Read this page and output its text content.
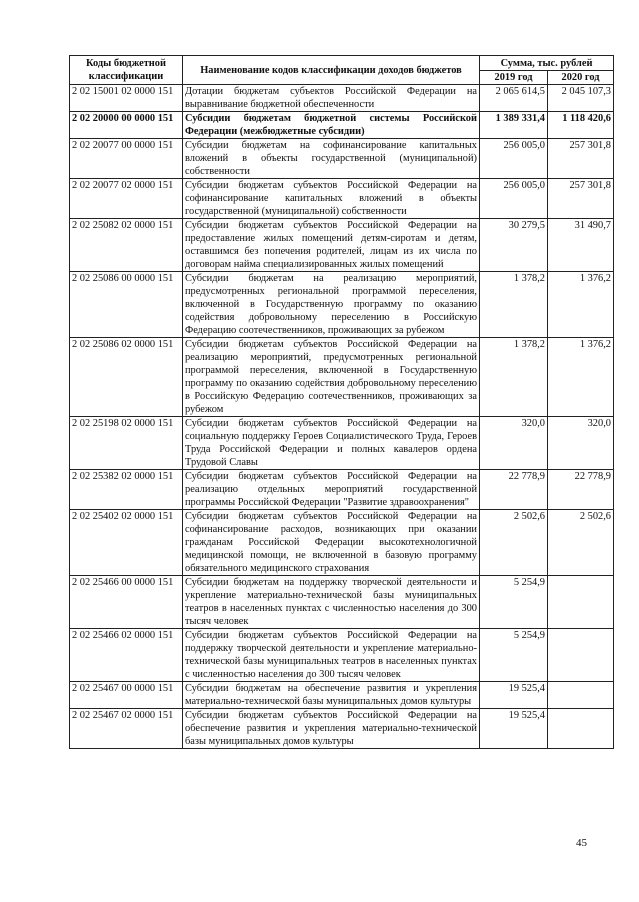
Коды бюджетной классификации	Наименование кодов классификации доходов бюджетов	Сумма, тыс. рублей	
		2019 год	2020 год
2 02 15001 02 0000 151	Дотации бюджетам субъектов Российской Федерации на выравнивание бюджетной обеспеченности	2 065 614,5	2 045 107,3
2 02 20000 00 0000 151	Субсидии бюджетам бюджетной системы Российской Федерации (межбюджетные субсидии)	1 389 331,4	1 118 420,6
2 02 20077 00 0000 151	Субсидии бюджетам на софинансирование капитальных вложений в объекты государственной (муниципальной) собственности	256 005,0	257 301,8
2 02 20077 02 0000 151	Субсидии бюджетам субъектов Российской Федерации на софинансирование капитальных вложений в объекты государственной (муниципальной) собственности	256 005,0	257 301,8
2 02 25082 02 0000 151	Субсидии бюджетам субъектов Российской Федерации на предоставление жилых помещений детям-сиротам и детям, оставшимся без попечения родителей, лицам из их числа по договорам найма специализированных жилых помещений	30 279,5	31 490,7
2 02 25086 00 0000 151	Субсидии бюджетам на реализацию мероприятий, предусмотренных региональной программой переселения, включенной в Государственную программу по оказанию содействия добровольному переселению в Российскую Федерацию соотечественников, проживающих за рубежом	1 378,2	1 376,2
2 02 25086 02 0000 151	Субсидии бюджетам субъектов Российской Федерации на реализацию мероприятий, предусмотренных региональной программой переселения, включенной в Государственную программу по оказанию содействия добровольному переселению в Российскую Федерацию соотечественников, проживающих за рубежом	1 378,2	1 376,2
2 02 25198 02 0000 151	Субсидии бюджетам субъектов Российской Федерации на социальную поддержку Героев Социалистического Труда, Героев Труда Российской Федерации и полных кавалеров ордена Трудовой Славы	320,0	320,0
2 02 25382 02 0000 151	Субсидии бюджетам субъектов Российской Федерации на реализацию отдельных мероприятий государственной программы Российской Федерации "Развитие здравоохранения"	22 778,9	22 778,9
2 02 25402 02 0000 151	Субсидии бюджетам субъектов Российской Федерации на софинансирование расходов, возникающих при оказании гражданам Российской Федерации высокотехнологичной медицинской помощи, не включенной в базовую программу обязательного медицинского страхования	2 502,6	2 502,6
2 02 25466 00 0000 151	Субсидии бюджетам на поддержку творческой деятельности и укрепление материально-технической базы муниципальных театров в населенных пунктах с численностью населения до 300 тысяч человек	5 254,9	
2 02 25466 02 0000 151	Субсидии бюджетам субъектов Российской Федерации на поддержку творческой деятельности и укрепление материально-технической базы муниципальных театров в населенных пунктах с численностью населения до 300 тысяч человек	5 254,9	
2 02 25467 00 0000 151	Субсидии бюджетам на обеспечение развития и укрепления материально-технической базы муниципальных домов культуры	19 525,4	
2 02 25467 02 0000 151	Субсидии бюджетам субъектов Российской Федерации на обеспечение развития и укрепления материально-технической базы муниципальных домов культуры	19 525,4	
45
